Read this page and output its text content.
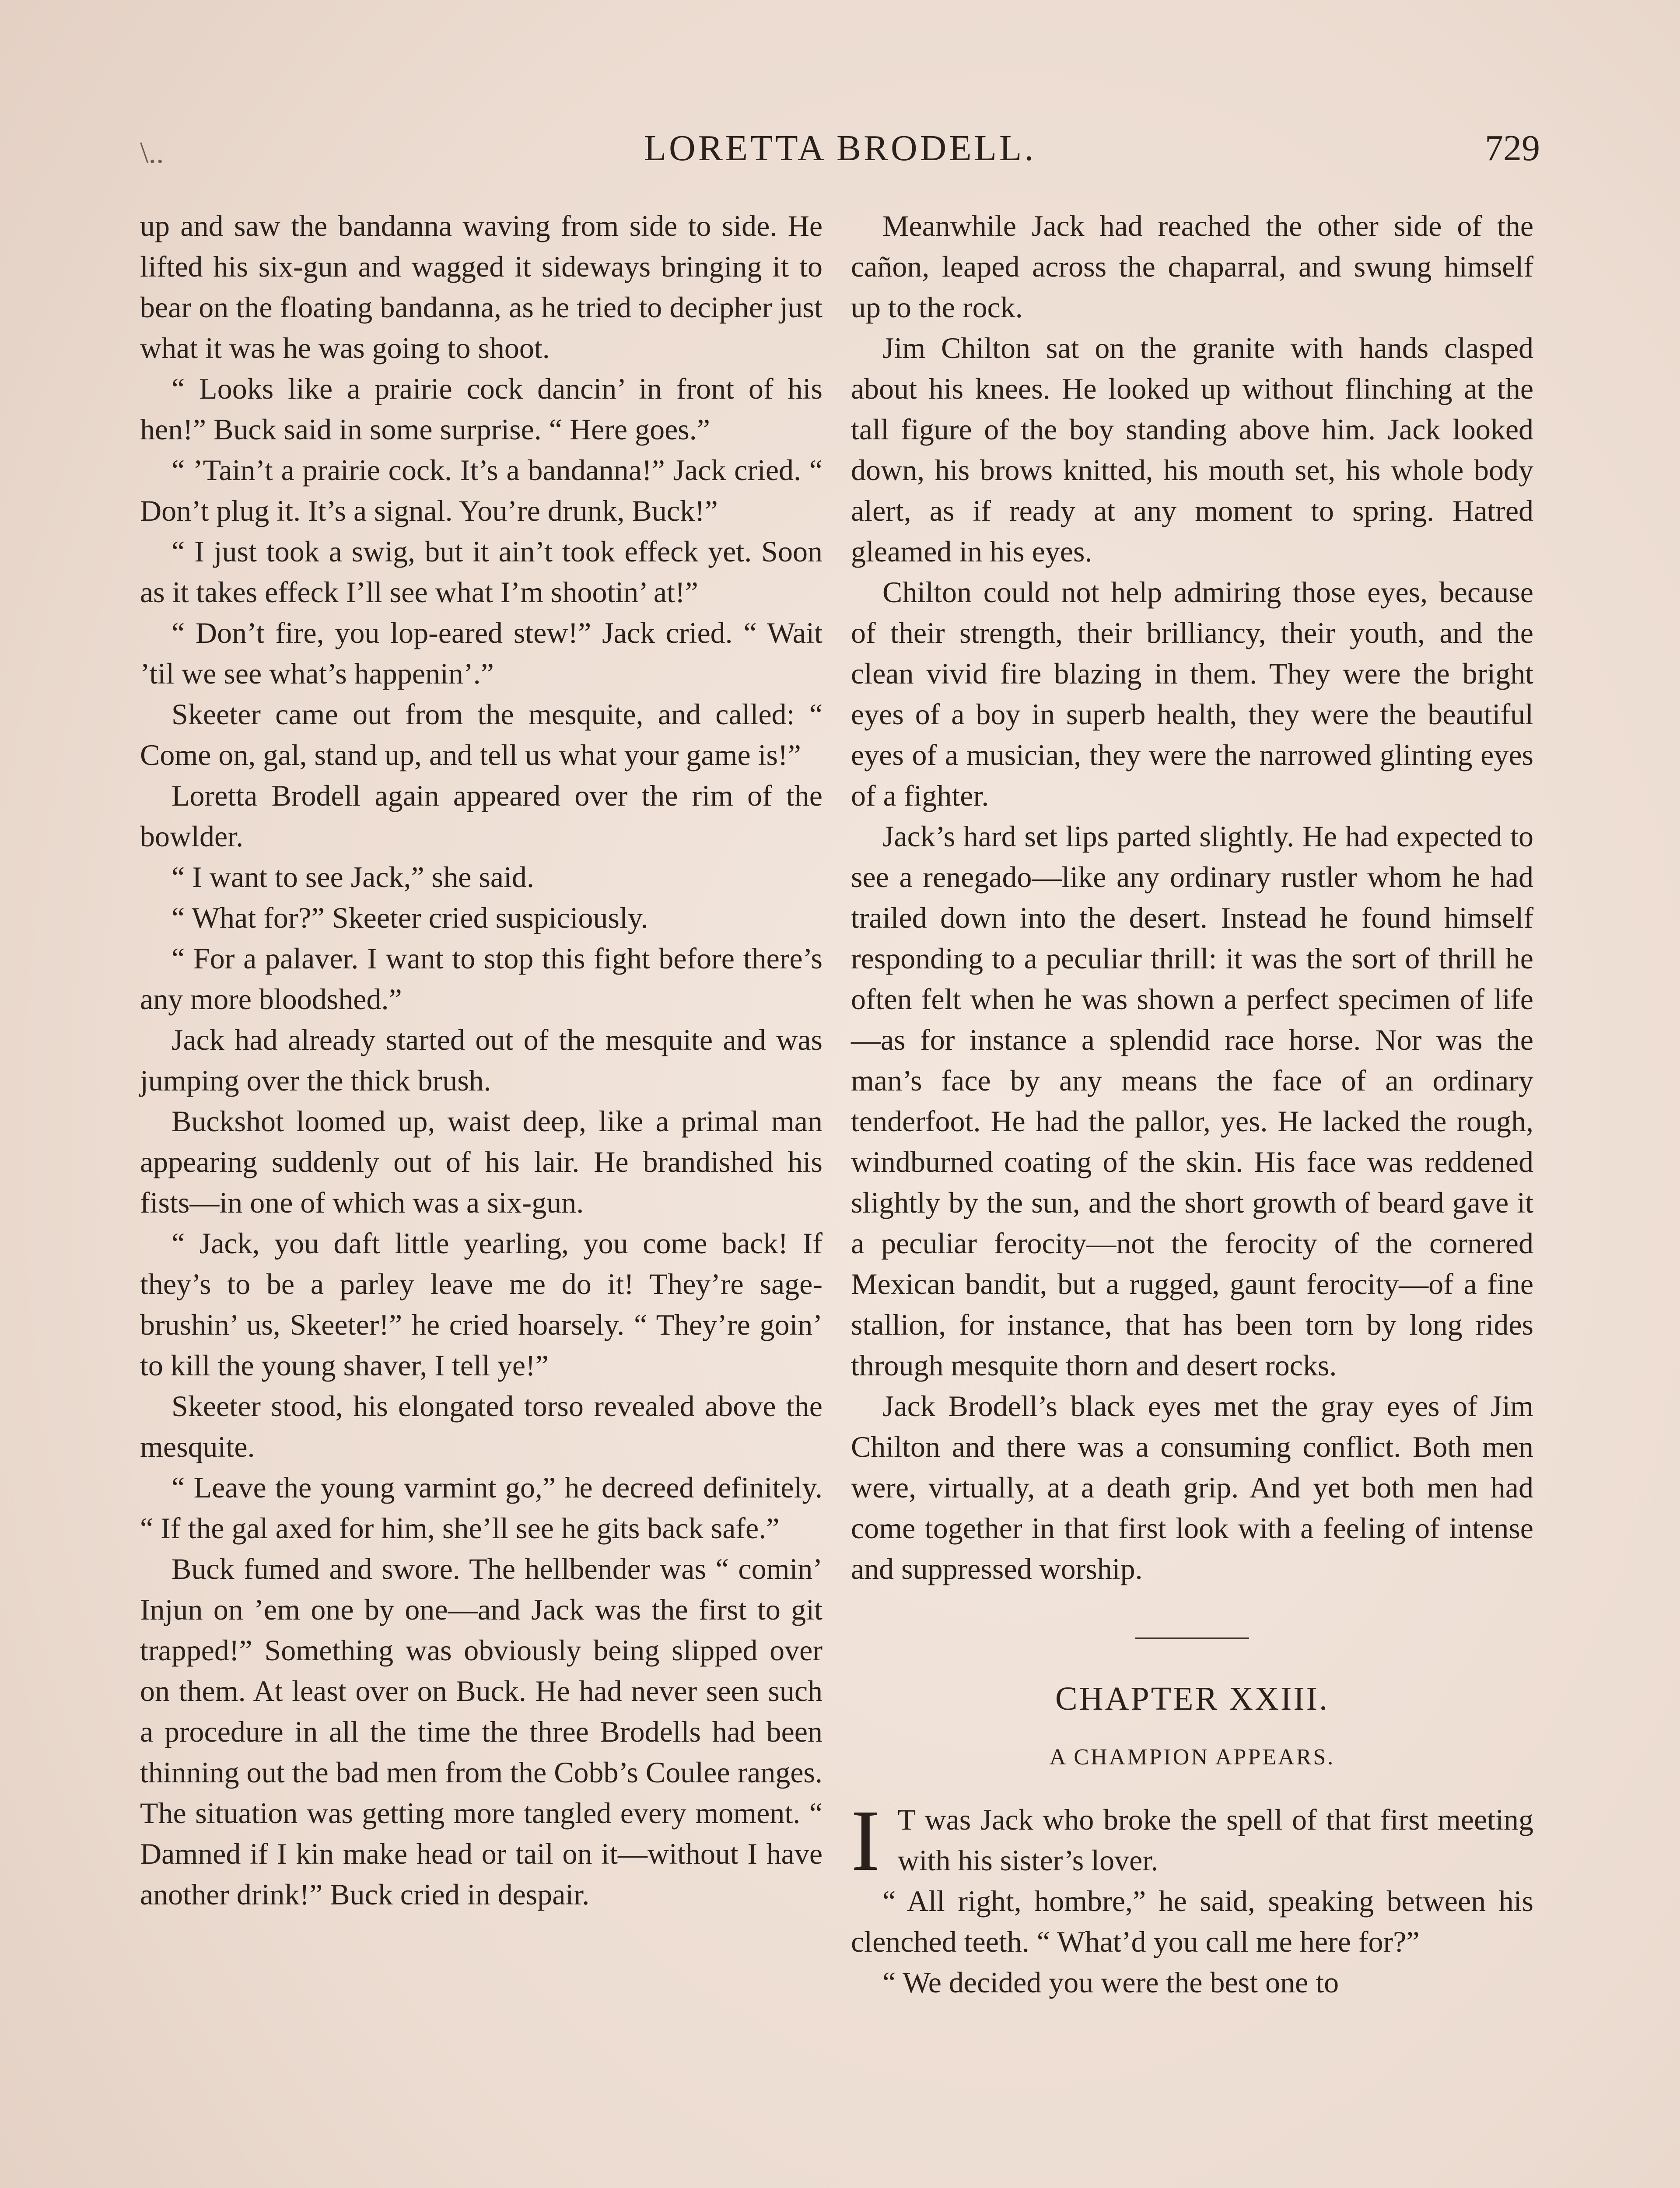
\..	LORETTA BRODELL.	729

up and saw the bandanna waving from side to side. He lifted his six-gun and wagged it sideways bringing it to bear on the floating bandanna, as he tried to decipher just what it was he was going to shoot.

“ Looks like a prairie cock dancin’ in front of his hen!” Buck said in some surprise. “ Here goes.”

“ ’Tain’t a prairie cock. It’s a bandanna!” Jack cried. “ Don’t plug it. It’s a signal. You’re drunk, Buck!”

“ I just took a swig, but it ain’t took effeck yet. Soon as it takes effeck I’ll see what I’m shootin’ at!”

“ Don’t fire, you lop-eared stew!” Jack cried. “ Wait ’til we see what’s happenin’.”

Skeeter came out from the mesquite, and called: “ Come on, gal, stand up, and tell us what your game is!”

Loretta Brodell again appeared over the rim of the bowlder.

“ I want to see Jack,” she said.

“ What for?” Skeeter cried suspiciously.

“ For a palaver. I want to stop this fight before there’s any more bloodshed.”

Jack had already started out of the mesquite and was jumping over the thick brush.

Buckshot loomed up, waist deep, like a primal man appearing suddenly out of his lair. He brandished his fists—in one of which was a six-gun.

“ Jack, you daft little yearling, you come back! If they’s to be a parley leave me do it! They’re sage-brushin’ us, Skeeter!” he cried hoarsely. “ They’re goin’ to kill the young shaver, I tell ye!”

Skeeter stood, his elongated torso revealed above the mesquite.

“ Leave the young varmint go,” he decreed definitely. “ If the gal axed for him, she’ll see he gits back safe.”

Buck fumed and swore. The hellbender was “ comin’ Injun on ’em one by one—and Jack was the first to git trapped!” Something was obviously being slipped over on them. At least over on Buck. He had never seen such a procedure in all the time the three Brodells had been thinning out the bad men from the Cobb’s Coulee ranges. The situation was getting more tangled every moment. “ Damned if I kin make head or tail on it—without I have another drink!” Buck cried in despair.

Meanwhile Jack had reached the other side of the cañon, leaped across the chaparral, and swung himself up to the rock.

Jim Chilton sat on the granite with hands clasped about his knees. He looked up without flinching at the tall figure of the boy standing above him. Jack looked down, his brows knitted, his mouth set, his whole body alert, as if ready at any moment to spring. Hatred gleamed in his eyes.

Chilton could not help admiring those eyes, because of their strength, their brilliancy, their youth, and the clean vivid fire blazing in them. They were the bright eyes of a boy in superb health, they were the beautiful eyes of a musician, they were the narrowed glinting eyes of a fighter.

Jack’s hard set lips parted slightly. He had expected to see a renegado—like any ordinary rustler whom he had trailed down into the desert. Instead he found himself responding to a peculiar thrill: it was the sort of thrill he often felt when he was shown a perfect specimen of life—as for instance a splendid race horse. Nor was the man’s face by any means the face of an ordinary tenderfoot. He had the pallor, yes. He lacked the rough, windburned coating of the skin. His face was reddened slightly by the sun, and the short growth of beard gave it a peculiar ferocity—not the ferocity of the cornered Mexican bandit, but a rugged, gaunt ferocity—of a fine stallion, for instance, that has been torn by long rides through mesquite thorn and desert rocks.

Jack Brodell’s black eyes met the gray eyes of Jim Chilton and there was a consuming conflict. Both men were, virtually, at a death grip. And yet both men had come together in that first look with a feeling of intense and suppressed worship.

CHAPTER XXIII.
A CHAMPION APPEARS.

I T was Jack who broke the spell of that first meeting with his sister’s lover.

“ All right, hombre,” he said, speaking between his clenched teeth. “ What’d you call me here for?”

“ We decided you were the best one to
